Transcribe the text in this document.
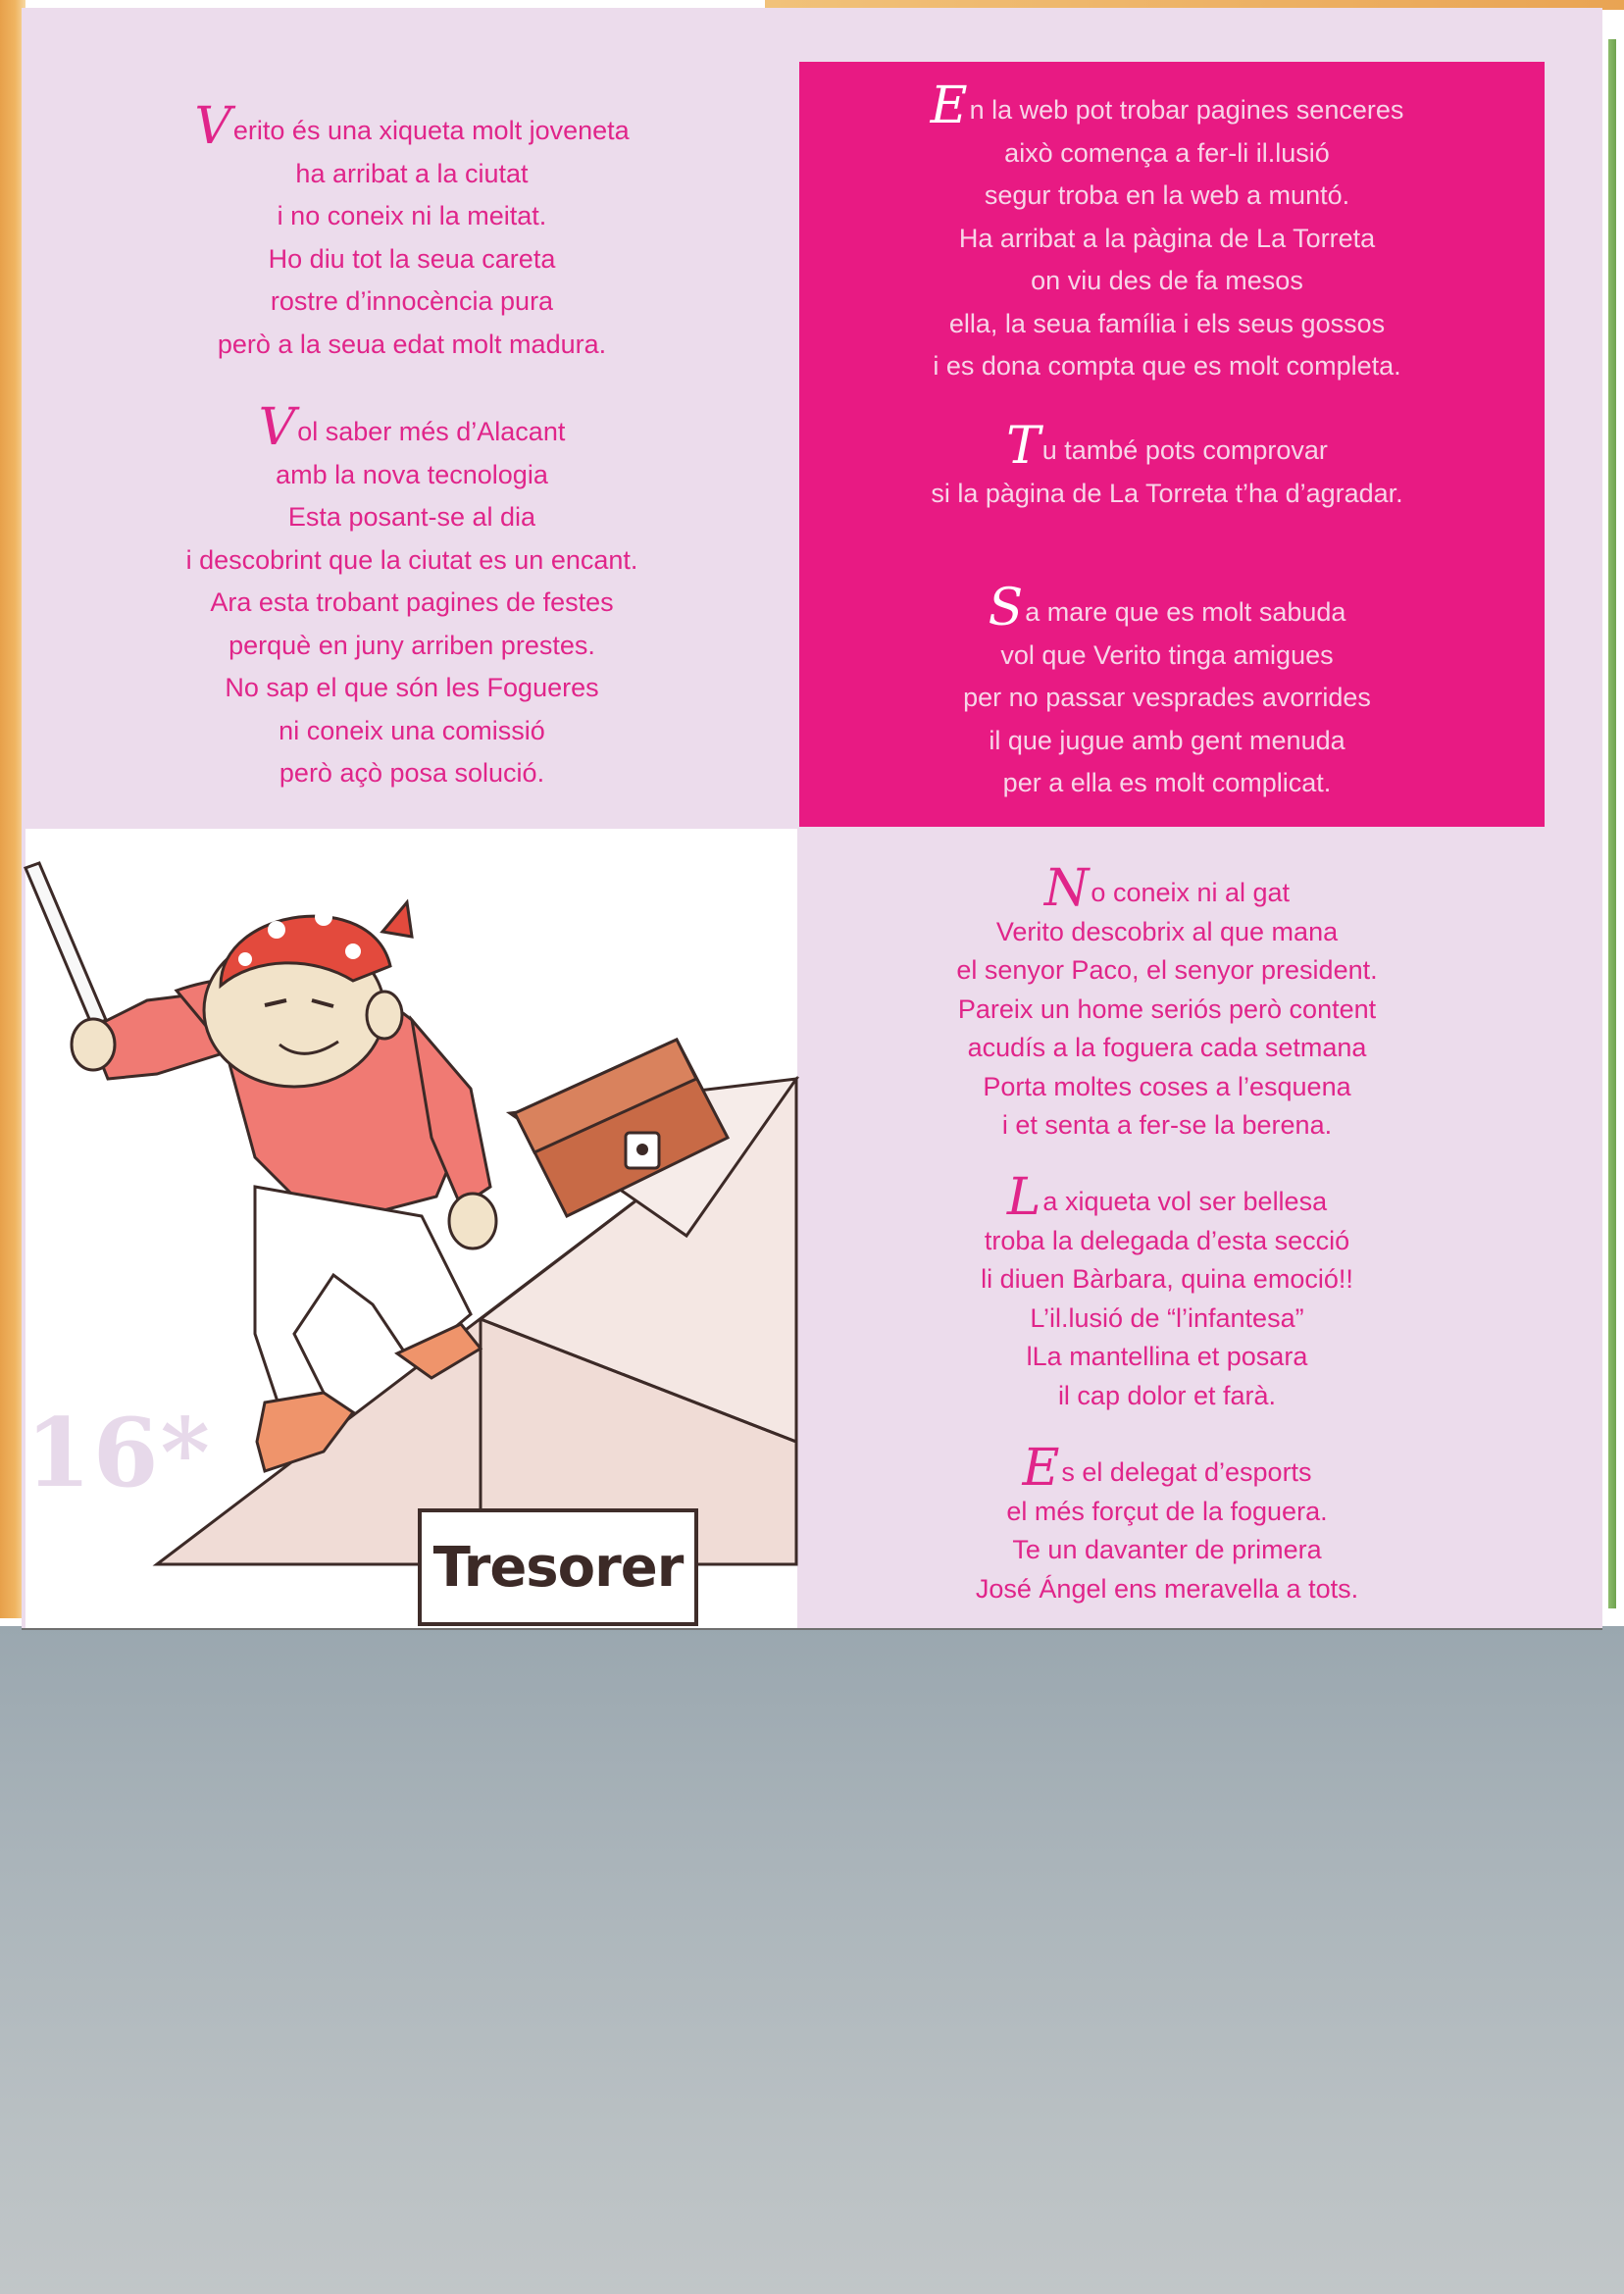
Verito és una xiqueta molt joveneta
ha arribat a la ciutat
i no coneix ni la meitat.
Ho diu tot la seua careta
rostre d’innocència pura
però a la seua edat molt madura.

Vol saber més d’Alacant
amb la nova tecnologia
Esta posant-se al dia
i descobrint que la ciutat es un encant.
Ara esta trobant pagines de festes
perquè en juny arriben prestes.
No sap el que són les Fogueres
ni coneix una comissió
però açò posa solució.

En la web pot trobar pagines senceres
això comença a fer-li il.lusió
segur troba en la web a muntó.
Ha arribat a la pàgina de La Torreta
on viu des de fa mesos
ella, la seua família i els seus gossos
i es dona compta que es molt completa.

Tu també pots comprovar
si la pàgina de La Torreta t’ha d’agradar.

Sa mare que es molt sabuda
vol que Verito tinga amigues
per no passar vesprades avorrides
il que jugue amb gent menuda
per a ella es molt complicat.

No coneix ni al gat
Verito descobrix al que mana
el senyor Paco, el senyor president.
Pareix un home seriós però content
acudís a la foguera cada setmana
Porta moltes coses a l’esquena
i et senta a fer-se la berena.

La xiqueta vol ser bellesa
troba la delegada d’esta secció
li diuen Bàrbara, quina emoció!!
L’il.lusió de “l’infantesa”
lLa mantellina et posara
il cap dolor et farà.

Es el delegat d’esports
el més forçut de la foguera.
Te un davanter de primera
José Ángel ens meravella a tots.

16*
Tresorer
